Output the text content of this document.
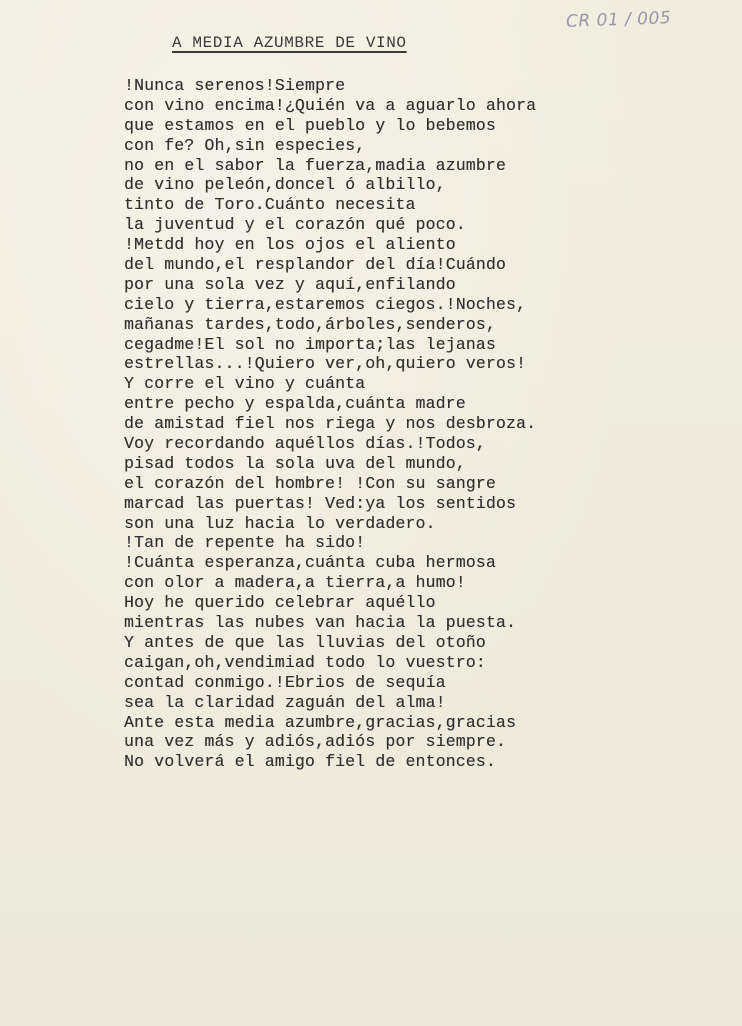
CR 01 / 005
A MEDIA AZUMBRE DE VINO
!Nunca serenos!Siempre
con vino encima!¿Quién va a aguarlo ahora
que estamos en el pueblo y lo bebemos
con fe? Oh,sin especies,
no en el sabor la fuerza,madia azumbre
de vino peleón,doncel ó albillo,
tinto de Toro.Cuánto necesita
la juventud y el corazón qué poco.
!Metdd hoy en los ojos el aliento
del mundo,el resplandor del día!Cuándo
por una sola vez y aquí,enfilando
cielo y tierra,estaremos ciegos.!Noches,
mañanas tardes,todo,árboles,senderos,
cegadme!El sol no importa;las lejanas
estrellas...!Quiero ver,oh,quiero veros!
Y corre el vino y cuánta
entre pecho y espalda,cuánta madre
de amistad fiel nos riega y nos desbroza.
Voy recordando aquéllos días.!Todos,
pisad todos la sola uva del mundo,
el corazón del hombre! !Con su sangre
marcad las puertas! Ved:ya los sentidos
son una luz hacia lo verdadero.
!Tan de repente ha sido!
!Cuánta esperanza,cuánta cuba hermosa
con olor a madera,a tierra,a humo!
Hoy he querido celebrar aquéllo
mientras las nubes van hacia la puesta.
Y antes de que las lluvias del otoño
caigan,oh,vendimiad todo lo vuestro:
contad conmigo.!Ebrios de sequía
sea la claridad zaguán del alma!
Ante esta media azumbre,gracias,gracias
una vez más y adiós,adiós por siempre.
No volverá el amigo fiel de entonces.
